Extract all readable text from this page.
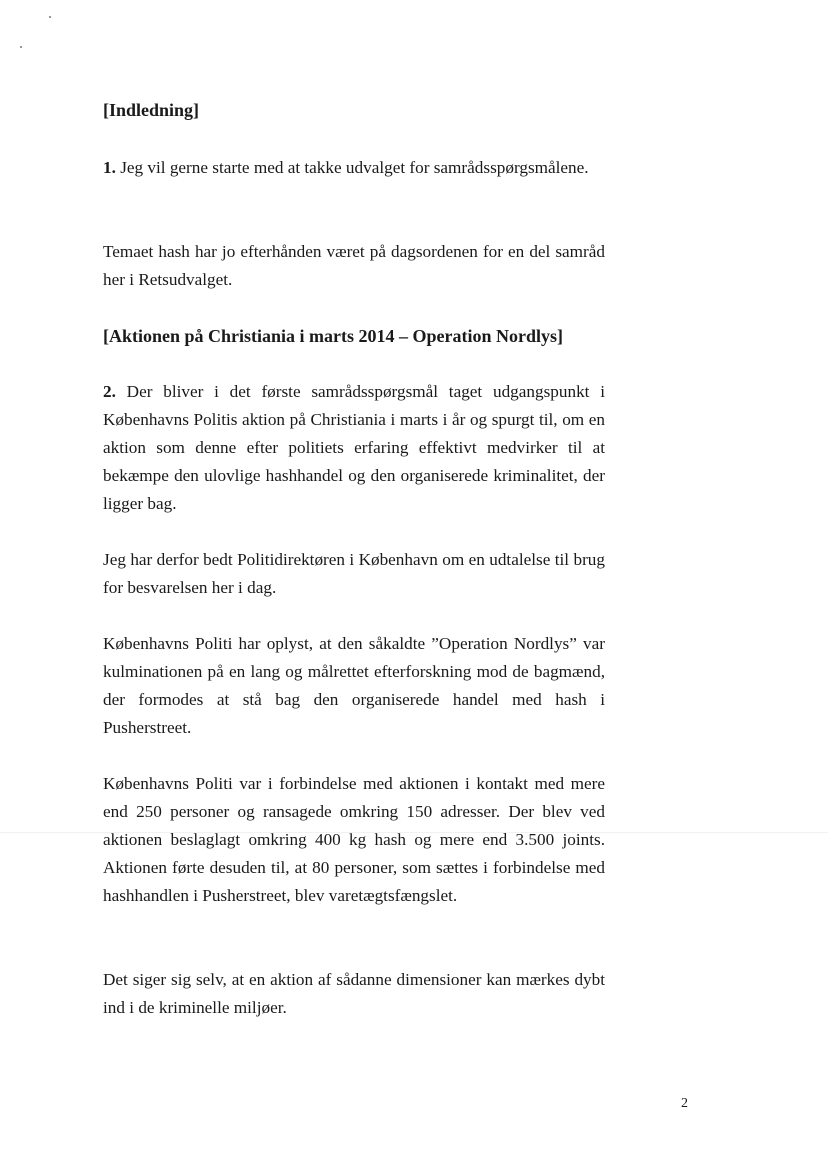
[Indledning]
1. Jeg vil gerne starte med at takke udvalget for samrådsspørgsmålene.
Temaet hash har jo efterhånden været på dagsordenen for en del samråd her i Retsudvalget.
[Aktionen på Christiania i marts 2014 – Operation Nordlys]
2. Der bliver i det første samrådsspørgsmål taget udgangspunkt i Københavns Politis aktion på Christiania i marts i år og spurgt til, om en aktion som denne efter politiets erfaring effektivt medvirker til at bekæmpe den ulovlige hashhandel og den organiserede kriminalitet, der ligger bag.
Jeg har derfor bedt Politidirektøren i København om en udtalelse til brug for besvarelsen her i dag.
Københavns Politi har oplyst, at den såkaldte ”Operation Nordlys” var kulminationen på en lang og målrettet efterforskning mod de bagmænd, der formodes at stå bag den organiserede handel med hash i Pusherstreet.
Københavns Politi var i forbindelse med aktionen i kontakt med mere end 250 personer og ransagede omkring 150 adresser. Der blev ved aktionen beslaglagt omkring 400 kg hash og mere end 3.500 joints. Aktionen førte desuden til, at 80 personer, som sættes i forbindelse med hashhandlen i Pusherstreet, blev varetægtsfængslet.
Det siger sig selv, at en aktion af sådanne dimensioner kan mærkes dybt ind i de kriminelle miljøer.
2
